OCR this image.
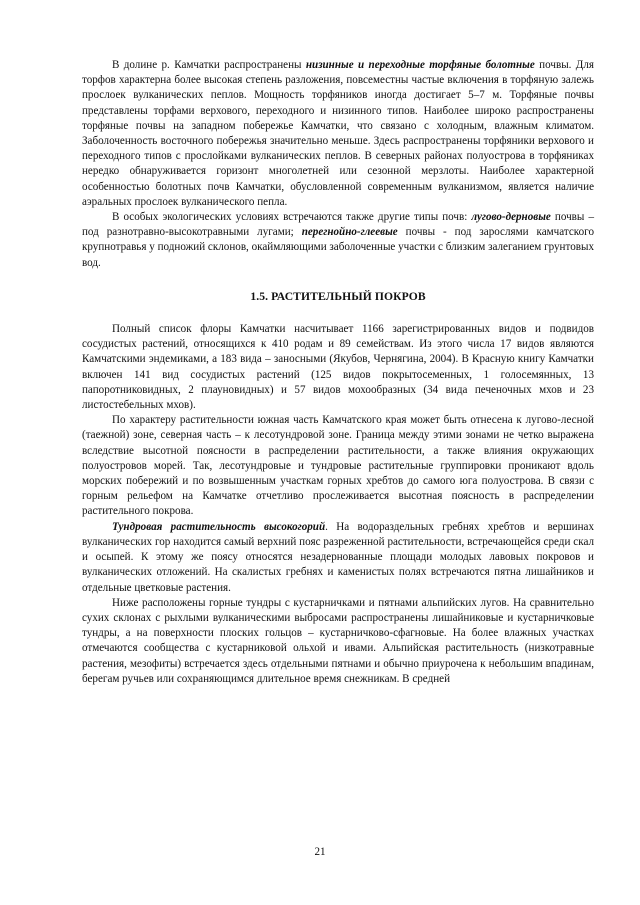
В долине р. Камчатки распространены низинные и переходные торфяные болотные почвы. Для торфов характерна более высокая степень разложения, повсеместны частые включения в торфяную залежь прослоек вулканических пеплов. Мощность торфяников иногда достигает 5–7 м. Торфяные почвы представлены торфами верхового, переходного и низинного типов. Наиболее широко распространены торфяные почвы на западном побережье Камчатки, что связано с холодным, влажным климатом. Заболоченность восточного побережья значительно меньше. Здесь распространены торфяники верхового и переходного типов с прослойками вулканических пеплов. В северных районах полуострова в торфяниках нередко обнаруживается горизонт многолетней или сезонной мерзлоты. Наиболее характерной особенностью болотных почв Камчатки, обусловленной современным вулканизмом, является наличие аэральных прослоек вулканического пепла.

В особых экологических условиях встречаются также другие типы почв: лугово-дерновые почвы – под разнотравно-высокотравными лугами; перегнойно-глеевые почвы - под зарослями камчатского крупнотравья у подножий склонов, окаймляющими заболоченные участки с близким залеганием грунтовых вод.

1.5. РАСТИТЕЛЬНЫЙ ПОКРОВ

Полный список флоры Камчатки насчитывает 1166 зарегистрированных видов и подвидов сосудистых растений, относящихся к 410 родам и 89 семействам. Из этого числа 17 видов являются Камчатскими эндемиками, а 183 вида – заносными (Якубов, Чернягина, 2004). В Красную книгу Камчатки включен 141 вид сосудистых растений (125 видов покрытосеменных, 1 голосемянных, 13 папоротниковидных, 2 плауновидных) и 57 видов мохообразных (34 вида печеночных мхов и 23 листостебельных мхов).

По характеру растительности южная часть Камчатского края может быть отнесена к лугово-лесной (таежной) зоне, северная часть – к лесотундровой зоне. Граница между этими зонами не четко выражена вследствие высотной поясности в распределении растительности, а также влияния окружающих полуостровов морей. Так, лесотундровые и тундровые растительные группировки проникают вдоль морских побережий и по возвышенным участкам горных хребтов до самого юга полуострова. В связи с горным рельефом на Камчатке отчетливо прослеживается высотная поясность в распределении растительного покрова.

Тундровая растительность высокогорий. На водораздельных гребнях хребтов и вершинах вулканических гор находится самый верхний пояс разреженной растительности, встречающейся среди скал и осыпей. К этому же поясу относятся незадернованные площади молодых лавовых покровов и вулканических отложений. На скалистых гребнях и каменистых полях встречаются пятна лишайников и отдельные цветковые растения.

Ниже расположены горные тундры с кустарничками и пятнами альпийских лугов. На сравнительно сухих склонах с рыхлыми вулканическими выбросами распространены лишайниковые и кустарничковые тундры, а на поверхности плоских гольцов – кустарничково-сфагновые. На более влажных участках отмечаются сообщества с кустарниковой ольхой и ивами. Альпийская растительность (низкотравные растения, мезофиты) встречается здесь отдельными пятнами и обычно приурочена к небольшим впадинам, берегам ручьев или сохраняющимся длительное время снежникам. В средней

21
